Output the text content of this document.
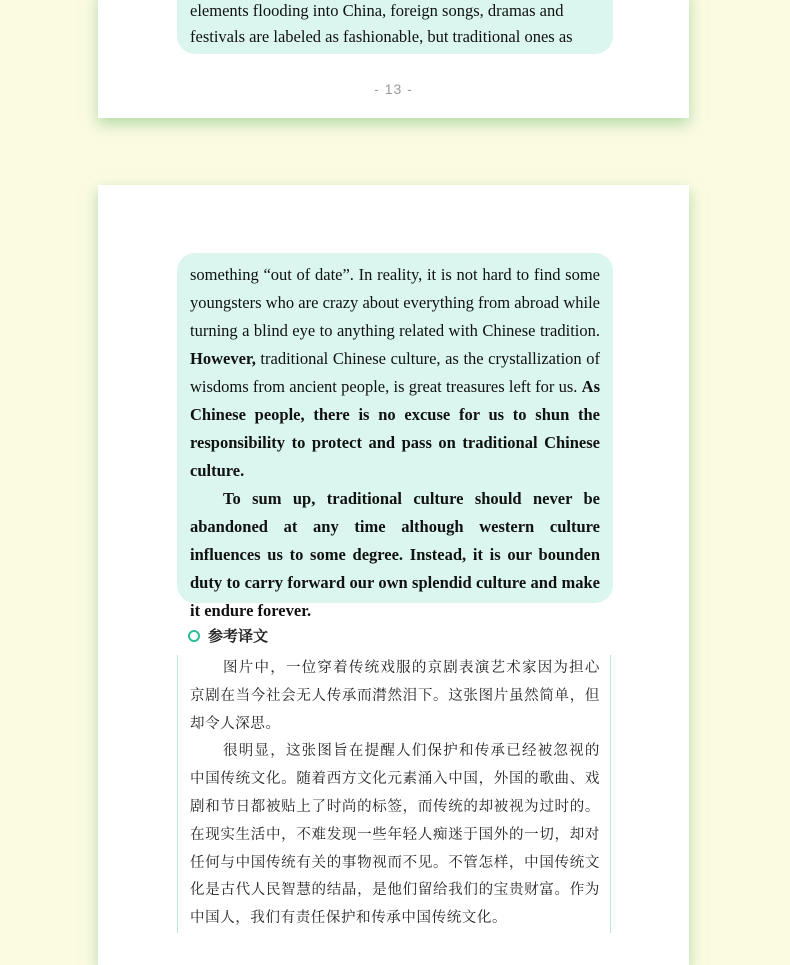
elements flooding into China, foreign songs, dramas and

festivals are labeled as fashionable, but traditional ones as

- 13 -

something “out of date”. In reality, it is not hard to find some youngsters who are crazy about everything from abroad while turning a blind eye to anything related with Chinese tradition. However, traditional Chinese culture, as the crystallization of wisdoms from ancient people, is great treasures left for us. As Chinese people, there is no excuse for us to shun the responsibility to protect and pass on traditional Chinese culture.

To sum up, traditional culture should never be abandoned at any time although western culture influences us to some degree. Instead, it is our bounden duty to carry forward our own splendid culture and make it endure forever.

参考译文

图片中，一位穿着传统戏服的京剧表演艺术家因为担心京剧在当今社会无人传承而潸然泪下。这张图片虽然简单，但却令人深思。

很明显，这张图旨在提醒人们保护和传承已经被忽视的中国传统文化。随着西方文化元素涌入中国，外国的歌曲、戏剧和节日都被贴上了时尚的标签，而传统的却被视为过时的。在现实生活中，不难发现一些年轻人痴迷于国外的一切，却对任何与中国传统有关的事物视而不见。不管怎样，中国传统文化是古代人民智慧的结晶，是他们留给我们的宝贵财富。作为中国人，我们有责任保护和传承中国传统文化。
